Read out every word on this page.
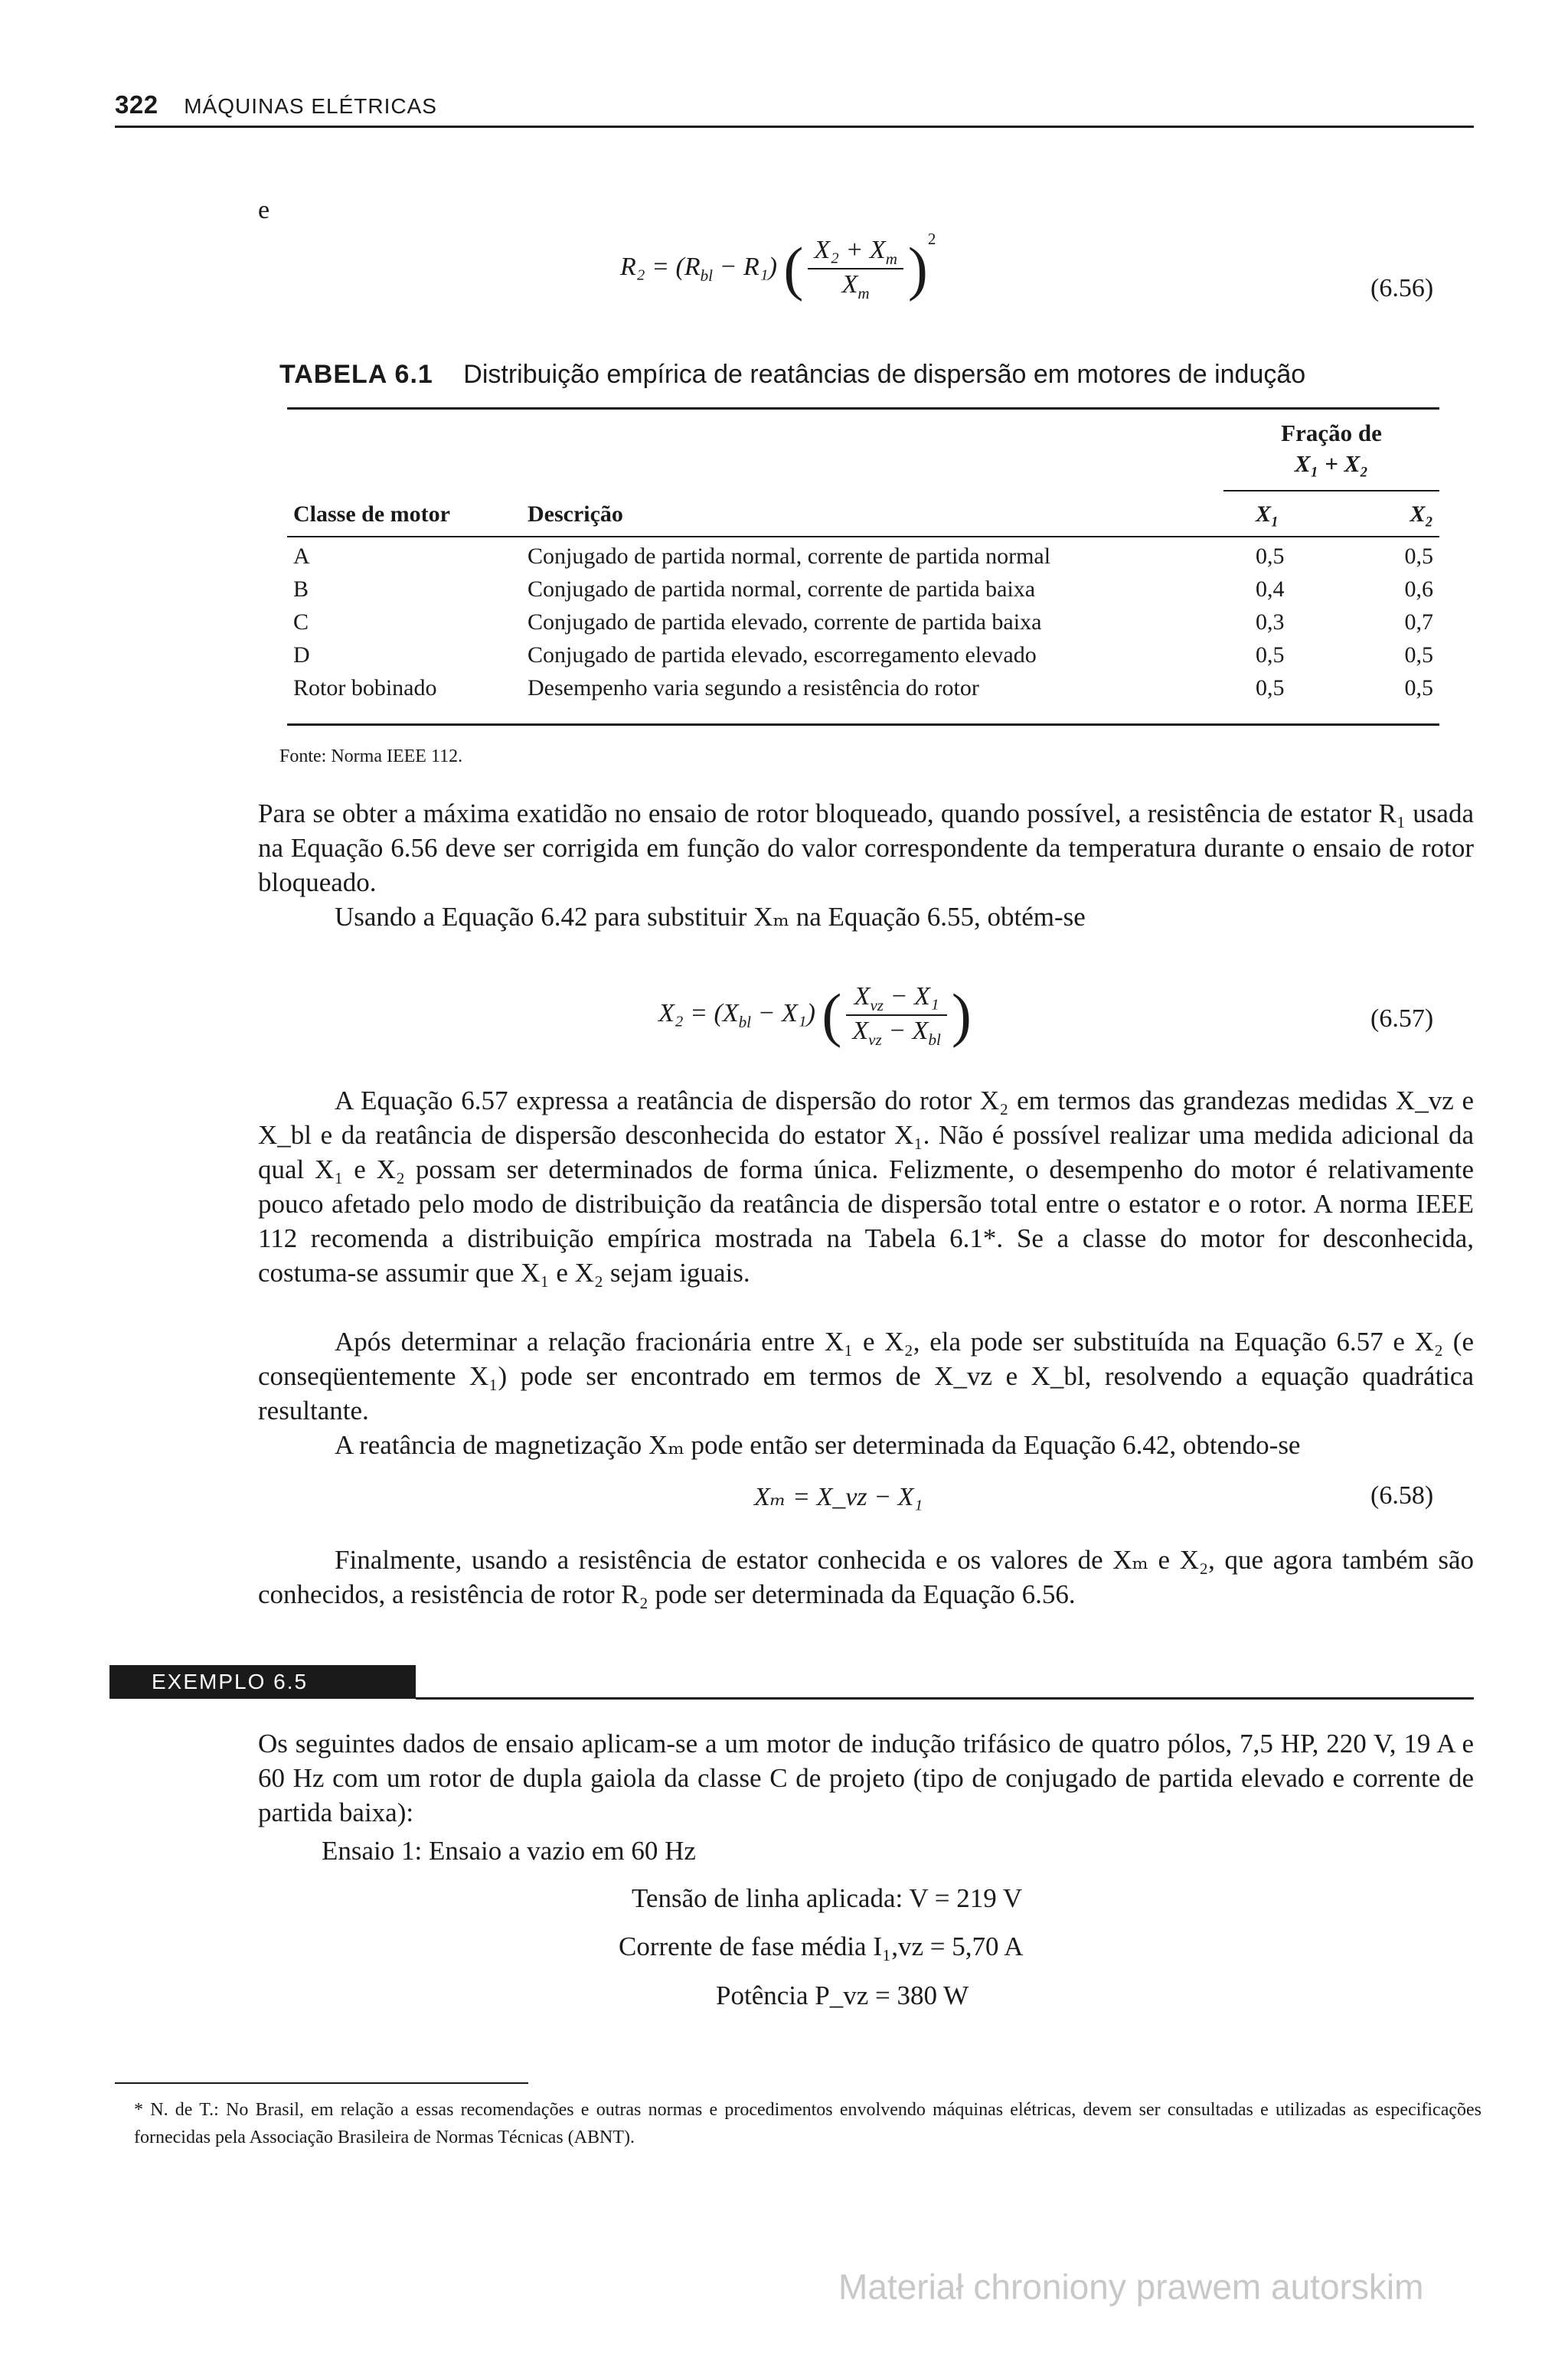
322 MÁQUINAS ELÉTRICAS
e
$R_2 = (R_{bl} - R_1)$ ( $\frac{X_2 + X_m}{X_m} )^2$
(6.56)
TABELA 6.1 Distribuição empírica de reatâncias de dispersão em motores de indução
Fração de
X₁ + X₂
Classe de motor	Descrição	X₁	X₂

A	Conjugado de partida normal, corrente de partida normal	0,5	0,5
B	Conjugado de partida normal, corrente de partida baixa	0,4	0,6
C	Conjugado de partida elevado, corrente de partida baixa	0,3	0,7
D	Conjugado de partida elevado, escorregamento elevado	0,5	0,5
Rotor bobinado	Desempenho varia segundo a resistência do rotor	0,5	0,5
Fonte: Norma IEEE 112.
Para se obter a máxima exatidão no ensaio de rotor bloqueado, quando possível, a resistência de estator R₁ usada na Equação 6.56 deve ser corrigida em função do valor correspondente da temperatura durante o ensaio de rotor bloqueado.
Usando a Equação 6.42 para substituir Xₘ na Equação 6.55, obtém-se
$X_2 = (X_{bl} - X_1)$ ( $\frac{X_{vz} - X_1}{X_{vz} - X_{bl}}$ )	(6.57)
A Equação 6.57 expressa a reatância de dispersão do rotor X₂ em termos das grandezas medidas X_vz e X_bl e da reatância de dispersão desconhecida do estator X₁. Não é possível realizar uma medida adicional da qual X₁ e X₂ possam ser determinados de forma única. Felizmente, o desempenho do motor é relativamente pouco afetado pelo modo de distribuição da reatância de dispersão total entre o estator e o rotor. A norma IEEE 112 recomenda a distribuição empírica mostrada na Tabela 6.1*. Se a classe do motor for desconhecida, costuma-se assumir que X₁ e X₂ sejam iguais.
Após determinar a relação fracionária entre X₁ e X₂, ela pode ser substituída na Equação 6.57 e X₂ (e conseqüentemente X₁) pode ser encontrado em termos de X_vz e X_bl, resolvendo a equação quadrática resultante.
A reatância de magnetização Xₘ pode então ser determinada da Equação 6.42, obtendo-se
Xₘ = X_vz − X₁	(6.58)
Finalmente, usando a resistência de estator conhecida e os valores de Xₘ e X₂, que agora também são conhecidos, a resistência de rotor R₂ pode ser determinada da Equação 6.56.
EXEMPLO 6.5
Os seguintes dados de ensaio aplicam-se a um motor de indução trifásico de quatro pólos, 7,5 HP, 220 V, 19 A e 60 Hz com um rotor de dupla gaiola da classe C de projeto (tipo de conjugado de partida elevado e corrente de partida baixa):
Ensaio 1: Ensaio a vazio em 60 Hz
Tensão de linha aplicada: V = 219 V
Corrente de fase média I₁,vz = 5,70 A
Potência P_vz = 380 W
* N. de T.: No Brasil, em relação a essas recomendações e outras normas e procedimentos envolvendo máquinas elétricas, devem ser consultadas e utilizadas as especificações fornecidas pela Associação Brasileira de Normas Técnicas (ABNT).
Materiał chroniony prawem autorskim
